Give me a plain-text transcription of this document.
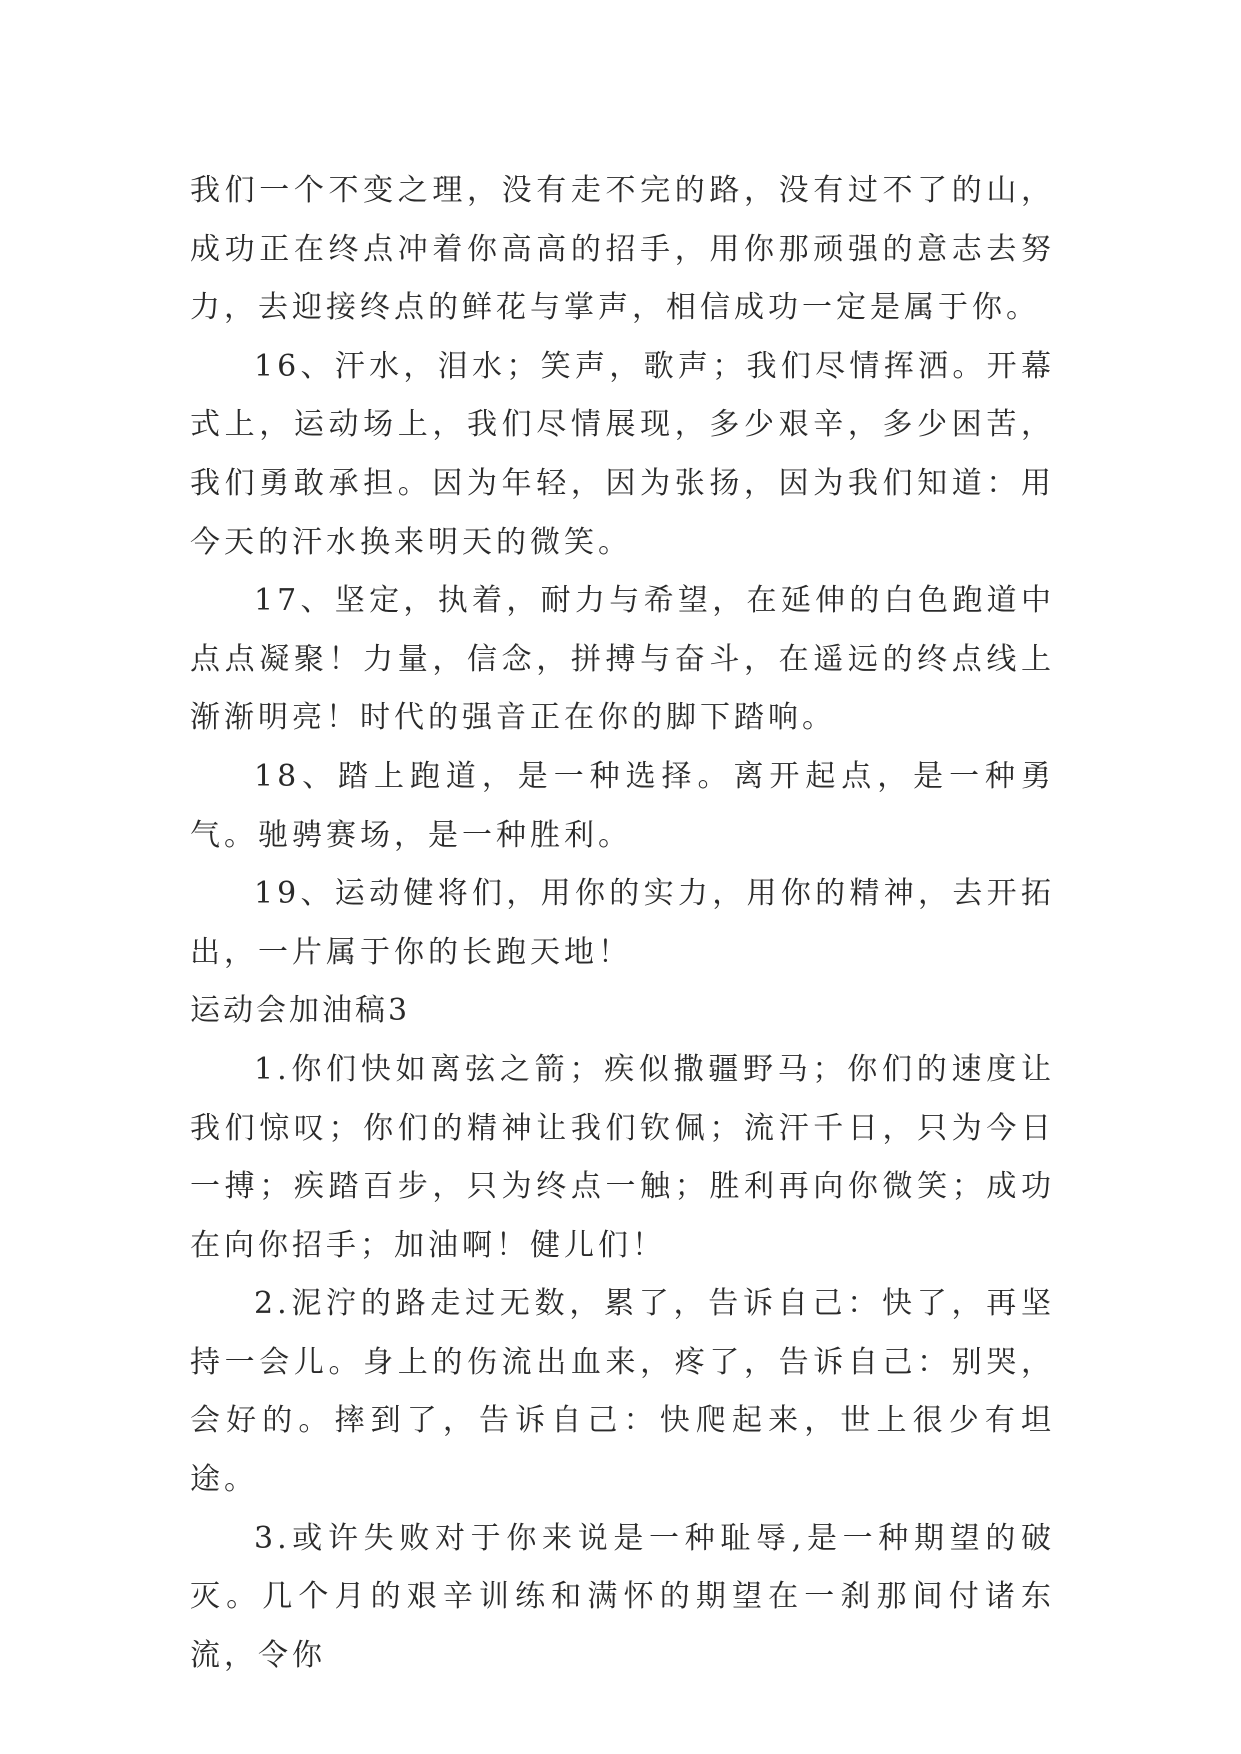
我们一个不变之理，没有走不完的路，没有过不了的山，成功正在终点冲着你高高的招手，用你那顽强的意志去努力，去迎接终点的鲜花与掌声，相信成功一定是属于你。

16、汗水，泪水；笑声，歌声；我们尽情挥洒。开幕式上，运动场上，我们尽情展现，多少艰辛，多少困苦，我们勇敢承担。因为年轻，因为张扬，因为我们知道：用今天的汗水换来明天的微笑。

17、坚定，执着，耐力与希望，在延伸的白色跑道中点点凝聚！力量，信念，拼搏与奋斗，在遥远的终点线上渐渐明亮！时代的强音正在你的脚下踏响。

18、踏上跑道，是一种选择。离开起点，是一种勇气。驰骋赛场，是一种胜利。

19、运动健将们，用你的实力，用你的精神，去开拓出，一片属于你的长跑天地！

运动会加油稿3

1.你们快如离弦之箭；疾似撒疆野马；你们的速度让我们惊叹；你们的精神让我们钦佩；流汗千日，只为今日一搏；疾踏百步，只为终点一触；胜利再向你微笑；成功在向你招手；加油啊！健儿们！

2.泥泞的路走过无数，累了，告诉自己：快了，再坚持一会儿。身上的伤流出血来，疼了，告诉自己：别哭，会好的。摔到了，告诉自己：快爬起来，世上很少有坦途。

3.或许失败对于你来说是一种耻辱,是一种期望的破灭。几个月的艰辛训练和满怀的期望在一刹那间付诸东流，令你
